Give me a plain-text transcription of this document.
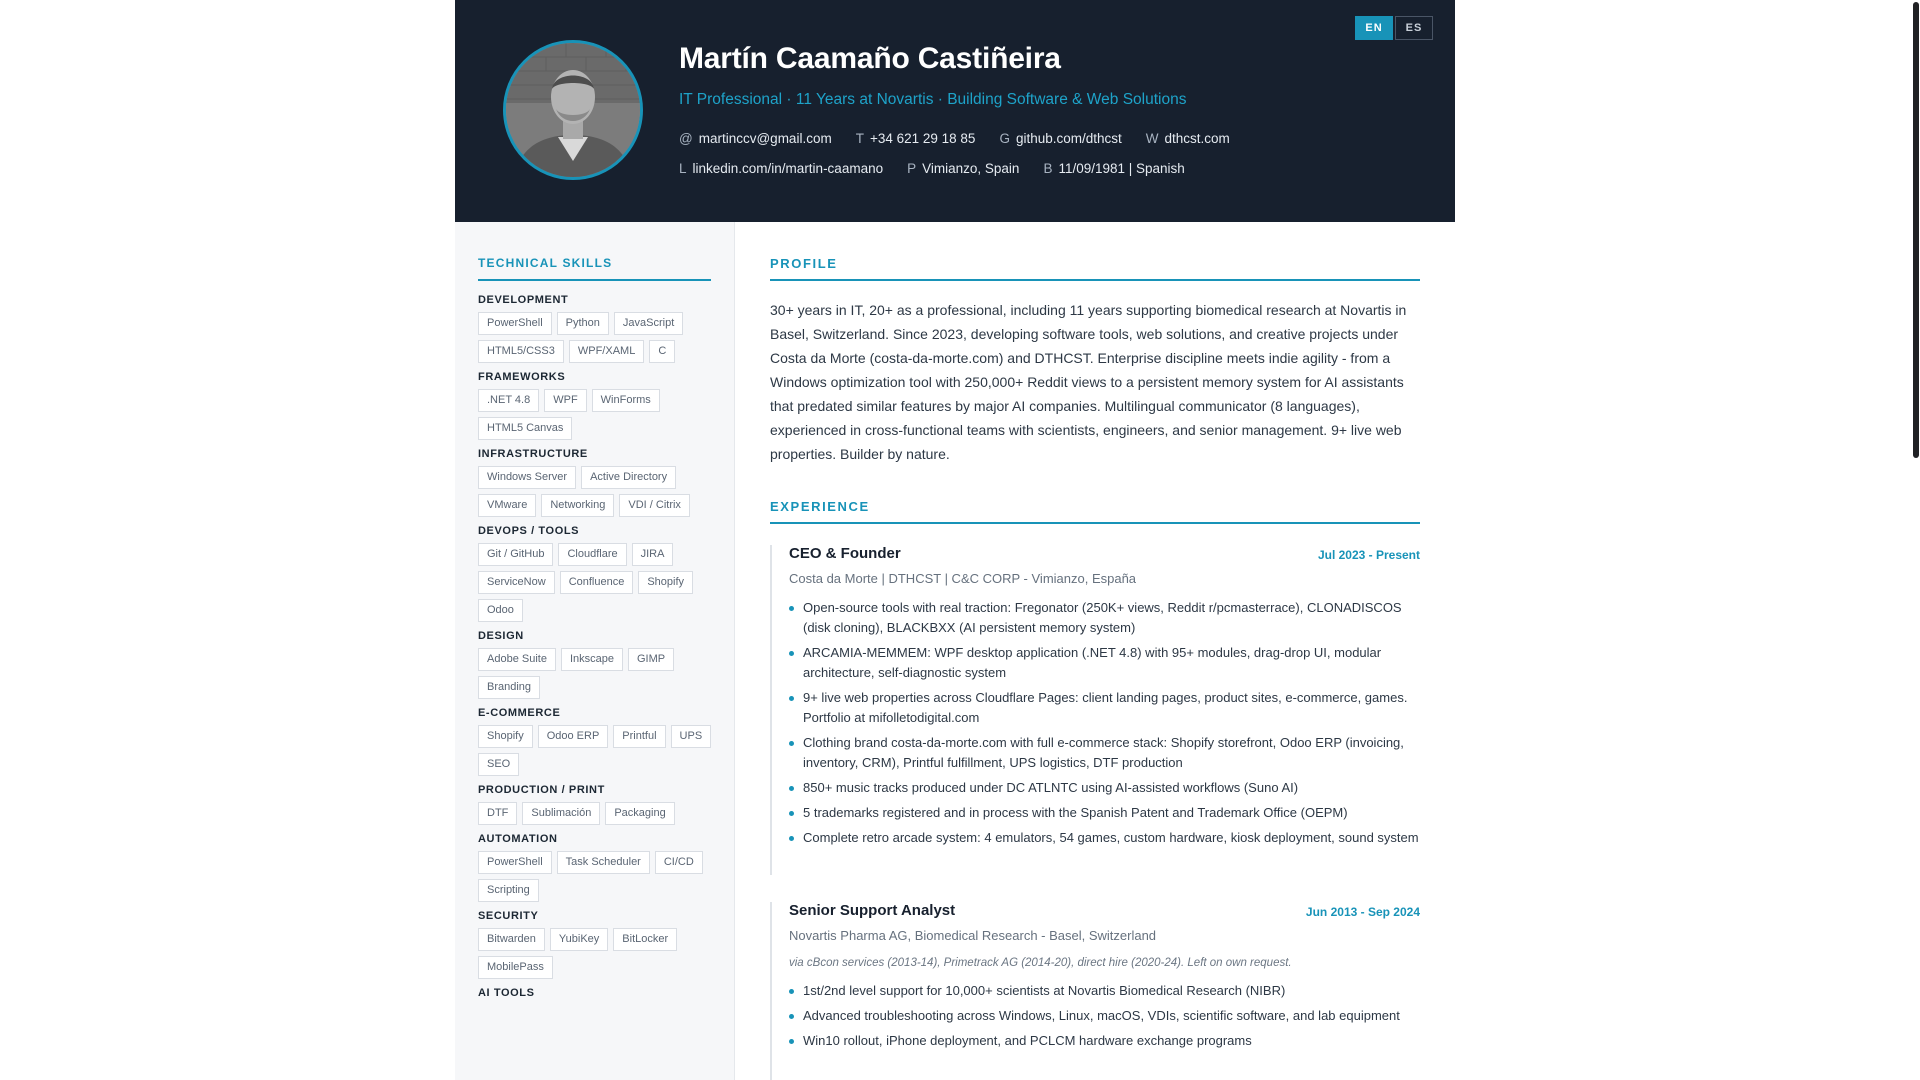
Martín Caamaño Castiñeira
IT Professional · 11 Years at Novartis · Building Software & Web Solutions
@ martinccv@gmail.com T +34 621 29 18 85 G github.com/dthcst W dthcst.com
L linkedin.com/in/martin-caamano P Vimianzo, Spain B 11/09/1981 | Spanish
EN	ES
TECHNICAL SKILLS
DEVELOPMENT
PowerShell	Python	JavaScript
HTML5/CSS3	WPF/XAML	C
FRAMEWORKS
.NET 4.8	WPF	WinForms
HTML5 Canvas
INFRASTRUCTURE
Windows Server	Active Directory
VMware	Networking	VDI / Citrix
DEVOPS / TOOLS
Git / GitHub	Cloudflare	JIRA
ServiceNow	Confluence	Shopify
Odoo
DESIGN
Adobe Suite	Inkscape	GIMP
Branding
E-COMMERCE
Shopify	Odoo ERP	Printful	UPS
SEO
PRODUCTION / PRINT
DTF	Sublimación	Packaging
AUTOMATION
PowerShell	Task Scheduler	CI/CD
Scripting
SECURITY
Bitwarden	YubiKey	BitLocker
MobilePass
AI TOOLS
PROFILE
30+ years in IT, 20+ as a professional, including 11 years supporting biomedical research at Novartis in Basel, Switzerland. Since 2023, developing software tools, web solutions, and creative projects under Costa da Morte (costa-da-morte.com) and DTHCST. Enterprise discipline meets indie agility - from a Windows optimization tool with 250,000+ Reddit views to a persistent memory system for AI assistants that predated similar features by major AI companies. Multilingual communicator (8 languages), experienced in cross-functional teams with scientists, engineers, and senior management. 9+ live web properties. Builder by nature.
EXPERIENCE
CEO & Founder	Jul 2023 - Present
Costa da Morte | DTHCST | C&C CORP - Vimianzo, España
Open-source tools with real traction: Fregonator (250K+ views, Reddit r/pcmasterrace), CLONADISCOS (disk cloning), BLACKBXX (AI persistent memory system)
ARCAMIA-MEMMEM: WPF desktop application (.NET 4.8) with 95+ modules, drag-drop UI, modular architecture, self-diagnostic system
9+ live web properties across Cloudflare Pages: client landing pages, product sites, e-commerce, games. Portfolio at mifolletodigital.com
Clothing brand costa-da-morte.com with full e-commerce stack: Shopify storefront, Odoo ERP (invoicing, inventory, CRM), Printful fulfillment, UPS logistics, DTF production
850+ music tracks produced under DC ATLNTC using AI-assisted workflows (Suno AI)
5 trademarks registered and in process with the Spanish Patent and Trademark Office (OEPM)
Complete retro arcade system: 4 emulators, 54 games, custom hardware, kiosk deployment, sound system
Senior Support Analyst	Jun 2013 - Sep 2024
Novartis Pharma AG, Biomedical Research - Basel, Switzerland
via cBcon services (2013-14), Primetrack AG (2014-20), direct hire (2020-24). Left on own request.
1st/2nd level support for 10,000+ scientists at Novartis Biomedical Research (NIBR)
Advanced troubleshooting across Windows, Linux, macOS, VDIs, scientific software, and lab equipment
Win10 rollout, iPhone deployment, and PCLCM hardware exchange programs
